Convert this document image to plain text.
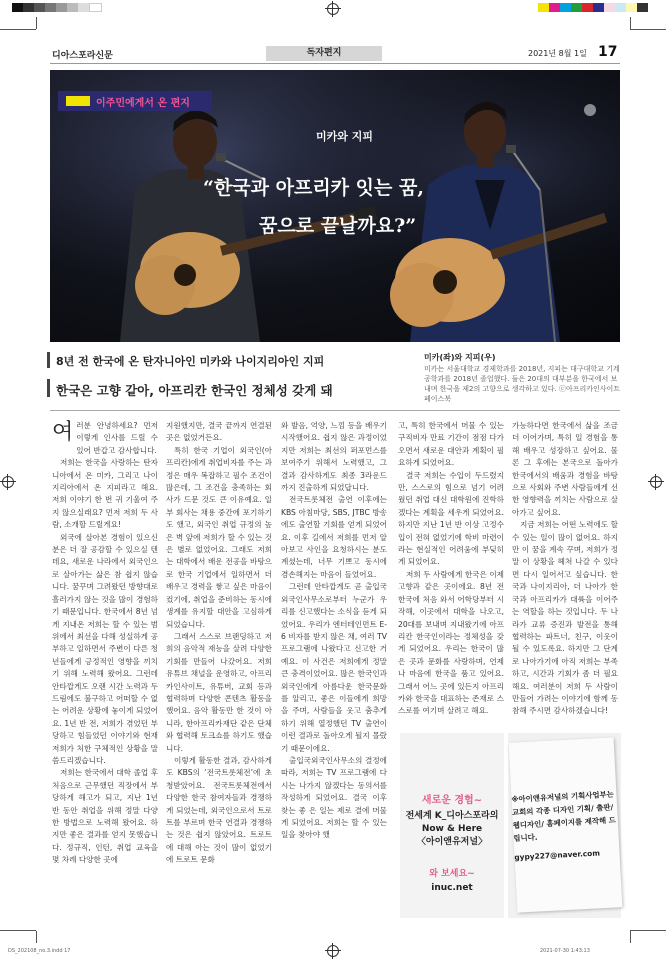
디아스포라신문	독자편지	2021년 8월 1일 17
이주민에게서 온 편지
미카와 지피
“한국과 아프리카 잇는 꿈,
꿈으로 끝날까요?”
미카(좌)와 지피(우)
미카는 서울대학교 경제학과를 2018년, 지피는 대구대학교 기계공학과를 2018년 졸업했다. 둘은 20대의 대부분을 한국에서 보내며 한국을 제2의 고향으로 생각하고 있다. ⓒ아프리카인사이트 페이스북
8년 전 한국에 온 탄자니아인 미카와 나이지리아인 지피
한국은 고향 같아, 아프리칸 한국인 정체성 갖게 돼
여 러분 안녕하세요? 먼저 이렇게 인사를 드릴 수 있어 반갑고 감사합니다.

저희는 한국을 사랑하는 탄자니아에서 온 미카, 그리고 나이지리아에서 온 지피라고 해요. 저희 이야기 한 번 귀 기울여 주지 않으실래요? 먼저 저희 두 사람, 소개할 드릴게요!

외국에 살아본 경험이 있으신 분은 더 잘 공감할 수 있으실 텐데요, 새로운 나라에서 외국인으로 살아가는 삶은 참 쉽지 않습니다. 꿈꾸며 그려왔던 방향대로 흘러가지 않는 것을 많이 경험하기 때문입니다. 한국에서 8년 넘게 지내온 저희는 할 수 있는 범위에서 최선을 다해 성실하게 공부하고 일하면서 주변이 다른 청년들에게 긍정적인 영향을 끼치기 위해 노력해 왔어요. 그런데 안타깝게도 오랜 시간 노력과 두드림에도 불구하고 어떠할 수 없는 어려운 상황에 놓이게 되었어요. 1년 반 전, 저희가 겪었던 부당하고 힘들었던 이야기와 현재 저희가 처한 구체적인 상황을 말씀드리겠습니다.

저희는 한국에서 대학 졸업 후 처음으로 근무했던 직장에서 부당하게 해고가 되고, 지난 1년 반 동안 취업을 위해 정말 다양한 방법으로 노력해 왔어요. 하지만 좋은 결과를 얻지 못했습니다. 정규직, 인턴, 취업 교육을 몇 차례 다양한 곳에

지원했지만, 결국 끝까지 연결된 곳은 없었거든요.

특히 한국 기업이 외국인(아프리칸)에게 취업비자를 주는 과정은 매우 복잡하고 필수 조건이 많은데, 그 조건을 충족하는 회사가 드문 것도 큰 이유예요. 일부 회사는 채용 중간에 포기하기도 했고, 외국인 취업 규정의 높은 벽 앞에 저희가 할 수 있는 것은 별로 없었어요. 그래도 저희는 대학에서 배운 전공을 바탕으로 한국 기업에서 일하면서 더 배우고 경력을 쌓고 싶은 마음이 컸기에, 취업을 준비하는 동시에 생계를 유지할 대안을 고심하게 되었습니다.

그래서 스스로 브랜딩하고 저희의 음악적 재능을 살려 다양한 기회를 만들어 나갔어요. 저희 유튜브 채널을 운영하고, 아프리카인사이트, 유튜버, 교회 등과 협력하며 다양한 콘텐츠 활동을 했어요. 음악 활동만 한 것이 아니라, 한아프리카재단 같은 단체와 협력해 토크쇼를 하기도 했습니다.

이렇게 활동한 결과, 감사하게도 KBS의 ‘전국트롯체전’에 초청받았어요. 전국트롯체전에서 다양한 한국 참여자들과 경쟁하게 되었는데, 외국인으로서 트로트를 부르며 한국 연결과 경쟁하는 것은 쉽지 않았어요. 트로트에 대해 아는 것이 많이 없었기에 트로트 문화

와 발음, 억양, 느낌 등을 배우기 시작했어요. 쉽지 않은 과정이었지만 저희는 최선의 퍼포먼스를 보여주기 위해서 노력했고, 그 결과 감사하게도 최종 3라운드까지 진출하게 되었답니다.

전국트롯체전 출연 이후에는 KBS 아침마당, SBS, JTBC 방송에도 출연할 기회를 얻게 되었어요. 이후 길에서 저희를 먼저 알아보고 사인을 요청하시는 분도 계셨는데, 너무 기쁘고 동시에 겸손해지는 마음이 들었어요.

그런데 안타깝게도 곧 출입국외국인사무소로부터 누군가 우리를 신고했다는 소식을 듣게 되었어요. 우리가 엔터테인먼트 E-6 비자를 받지 않은 채, 여러 TV 프로그램에 나왔다고 신고한 거예요. 이 사건은 저희에게 정말 큰 충격이었어요. 많은 한국인과 외국인에게 아름다운 한국문화를 알리고, 좋은 이들에게 희망을 주며, 사람들을 웃고 춤추게 하기 위해 열정했던 TV 출연이 이런 결과로 돌아오게 될지 몰랐기 때문이에요.

출입국외국인사무소의 결정에 따라, 저희는 TV 프로그램에 다시는 나가지 않겠다는 동의서를 작성하게 되었어요. 결국 이후 찾는 좋 은 일는 제로 결에 머물게 되었어요. 저희는 할 수 있는 일을 찾아야 했

고, 특히 한국에서 머물 수 있는 구직비자 만료 기간이 점점 다가오면서 새로운 대안과 계획이 필요하게 되었어요.

결국 저희는 수입이 두드렸지만, 스스로의 힘으로 넘기 어려웠던 취업 대신 대학원에 진학하겠다는 계획을 세우게 되었어요. 하지만 지난 1년 반 이상 고정수입이 전혀 없었기에 학비 마련이라는 현실적인 어려움에 부딪히게 되었어요.

저희 두 사람에게 한국은 이제 고향과 같은 곳이에요. 8년 전 한국에 처음 와서 어학당부터 시작해, 이곳에서 대학을 나오고, 20대를 보내며 지내왔기에 아프리칸 한국인이라는 정체성을 갖게 되었어요. 우리는 한국이 많은 곳과 문화를 사랑하며, 언제나 마음에 한국을 품고 있어요. 그래서 어느 곳에 있든지 아프리카와 한국을 대표하는 존재로 스스로를 여기며 살려고 해요.

가능하다면 한국에서 삶을 조금 더 이어가며, 특히 일 경험을 통해 배우고 성장하고 싶어요. 물론 그 후에는 본국으로 돌아가 한국에서의 배움과 경험을 바탕으로 사회와 주변 사람들에게 선한 영향력을 끼치는 사람으로 살아가고 싶어요.

지금 저희는 어떤 노력에도 할 수 있는 일이 많이 없어요. 하지만 이 꿈을 계속 꾸며, 저희가 정말 이 상황을 헤쳐 나갈 수 있다면 다시 일어서고 싶습니다. 한국과 나이지리아, 더 나아가 한국과 아프리카가 대륙을 이어주는 역할을 하는 것입니다. 두 나라가 교류 증진과 발전을 통해 협력하는 파트너, 친구, 이웃이 될 수 있도록요. 하지만 그 단계로 나아가기에 아직 저희는 부족하고, 시간과 기회가 좀 더 필요해요. 여러분이 저희 두 사람이 만들어 가려는 이야기에 함께 동참해 주시면 감사하겠습니다!

새로운 경험~
전세계 K_디아스포라의 Now & Here
〈아이앤유저널〉
와 보세요~
inuc.net
※아이앤유저널의 기획사업부는 교회의 각종 디자인 기획/ 출판/ 웹디자인/ 홈페이지를 제작해 드립니다.
gypy227@naver.com
DS_202108_no.3.indd 17	2021-07-30 1:43:13
